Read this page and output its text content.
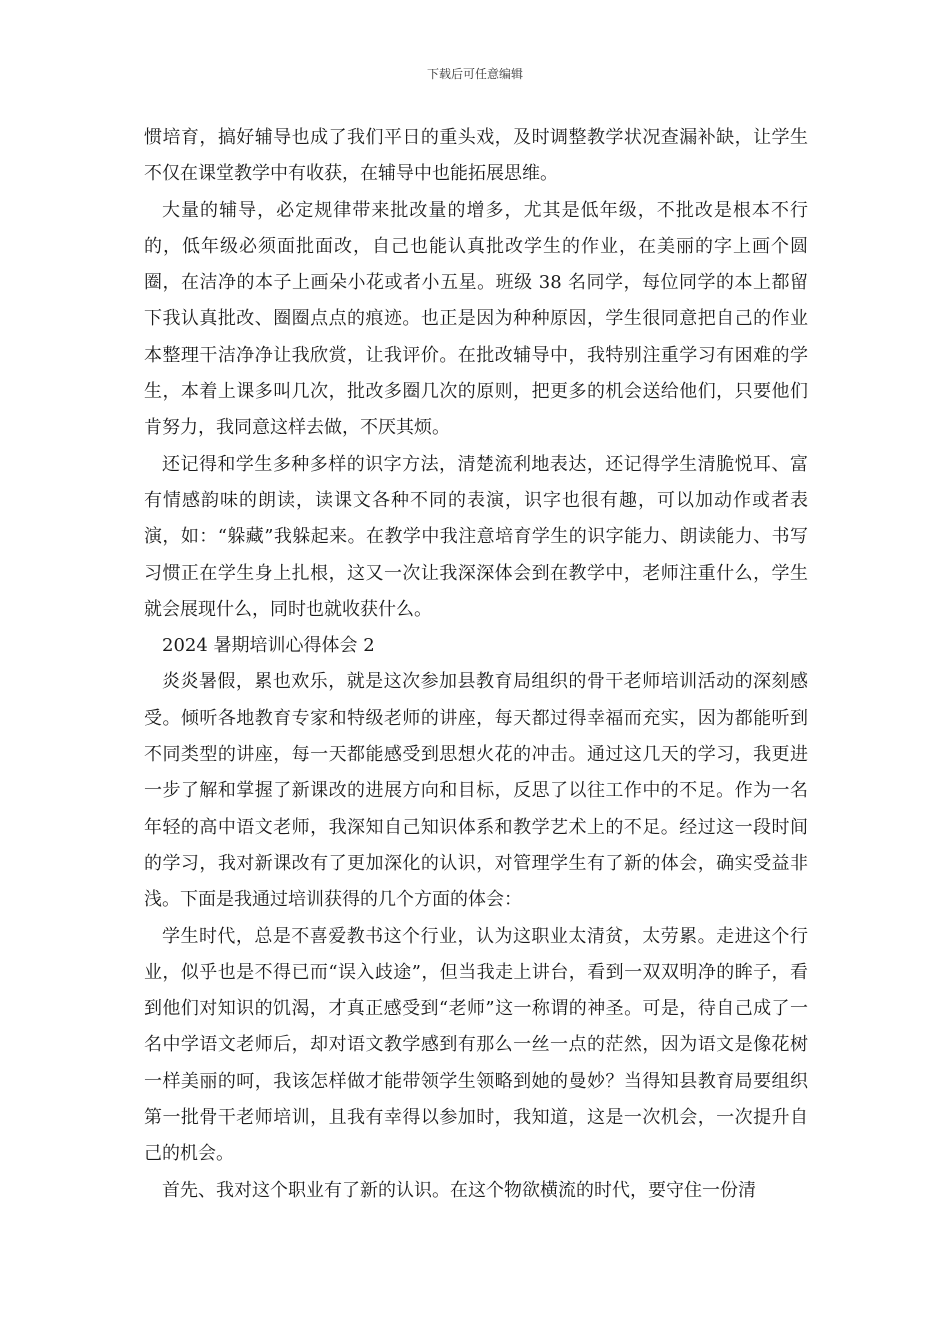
下载后可任意编辑

惯培育，搞好辅导也成了我们平日的重头戏，及时调整教学状况查漏补缺，让学生不仅在课堂教学中有收获，在辅导中也能拓展思维。

大量的辅导，必定规律带来批改量的增多，尤其是低年级，不批改是根本不行的，低年级必须面批面改，自己也能认真批改学生的作业，在美丽的字上画个圆圈，在洁净的本子上画朵小花或者小五星。班级 38 名同学，每位同学的本上都留下我认真批改、圈圈点点的痕迹。也正是因为种种原因，学生很同意把自己的作业本整理干洁净净让我欣赏，让我评价。在批改辅导中，我特别注重学习有困难的学生，本着上课多叫几次，批改多圈几次的原则，把更多的机会送给他们，只要他们肯努力，我同意这样去做，不厌其烦。

还记得和学生多种多样的识字方法，清楚流利地表达，还记得学生清脆悦耳、富有情感韵味的朗读，读课文各种不同的表演，识字也很有趣，可以加动作或者表演，如：“躲藏”我躲起来。在教学中我注意培育学生的识字能力、朗读能力、书写习惯正在学生身上扎根，这又一次让我深深体会到在教学中，老师注重什么，学生就会展现什么，同时也就收获什么。

2024 暑期培训心得体会 2

炎炎暑假，累也欢乐，就是这次参加县教育局组织的骨干老师培训活动的深刻感受。倾听各地教育专家和特级老师的讲座，每天都过得幸福而充实，因为都能听到不同类型的讲座，每一天都能感受到思想火花的冲击。通过这几天的学习，我更进一步了解和掌握了新课改的进展方向和目标，反思了以往工作中的不足。作为一名年轻的高中语文老师，我深知自己知识体系和教学艺术上的不足。经过这一段时间的学习，我对新课改有了更加深化的认识，对管理学生有了新的体会，确实受益非浅。下面是我通过培训获得的几个方面的体会：

学生时代，总是不喜爱教书这个行业，认为这职业太清贫，太劳累。走进这个行业，似乎也是不得已而“误入歧途”，但当我走上讲台，看到一双双明净的眸子，看到他们对知识的饥渴，才真正感受到“老师”这一称谓的神圣。可是，待自己成了一名中学语文老师后，却对语文教学感到有那么一丝一点的茫然，因为语文是像花树一样美丽的呵，我该怎样做才能带领学生领略到她的曼妙？当得知县教育局要组织第一批骨干老师培训，且我有幸得以参加时，我知道，这是一次机会，一次提升自己的机会。

首先、我对这个职业有了新的认识。在这个物欲横流的时代，要守住一份清
